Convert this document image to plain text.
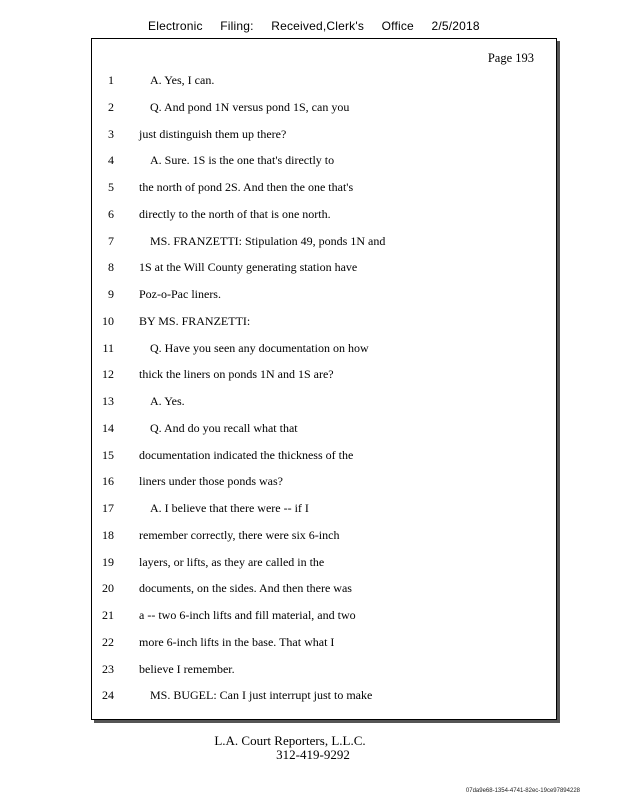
Electronic Filing: Received,Clerk's Office 2/5/2018
Page 193
1	A. Yes, I can.
2	Q. And pond 1N versus pond 1S, can you
3 just distinguish them up there?
4	A. Sure. 1S is the one that's directly to
5 the north of pond 2S. And then the one that's
6 directly to the north of that is one north.
7	MS. FRANZETTI: Stipulation 49, ponds 1N and
8 1S at the Will County generating station have
9 Poz-o-Pac liners.
10 BY MS. FRANZETTI:
11	Q. Have you seen any documentation on how
12 thick the liners on ponds 1N and 1S are?
13	A. Yes.
14	Q. And do you recall what that
15 documentation indicated the thickness of the
16 liners under those ponds was?
17	A. I believe that there were -- if I
18 remember correctly, there were six 6-inch
19 layers, or lifts, as they are called in the
20 documents, on the sides. And then there was
21 a -- two 6-inch lifts and fill material, and two
22 more 6-inch lifts in the base. That what I
23 believe I remember.
24	MS. BUGEL: Can I just interrupt just to make
L.A. Court Reporters, L.L.C.
312-419-9292
07da9e68-1354-4741-82ec-19ce97894228
